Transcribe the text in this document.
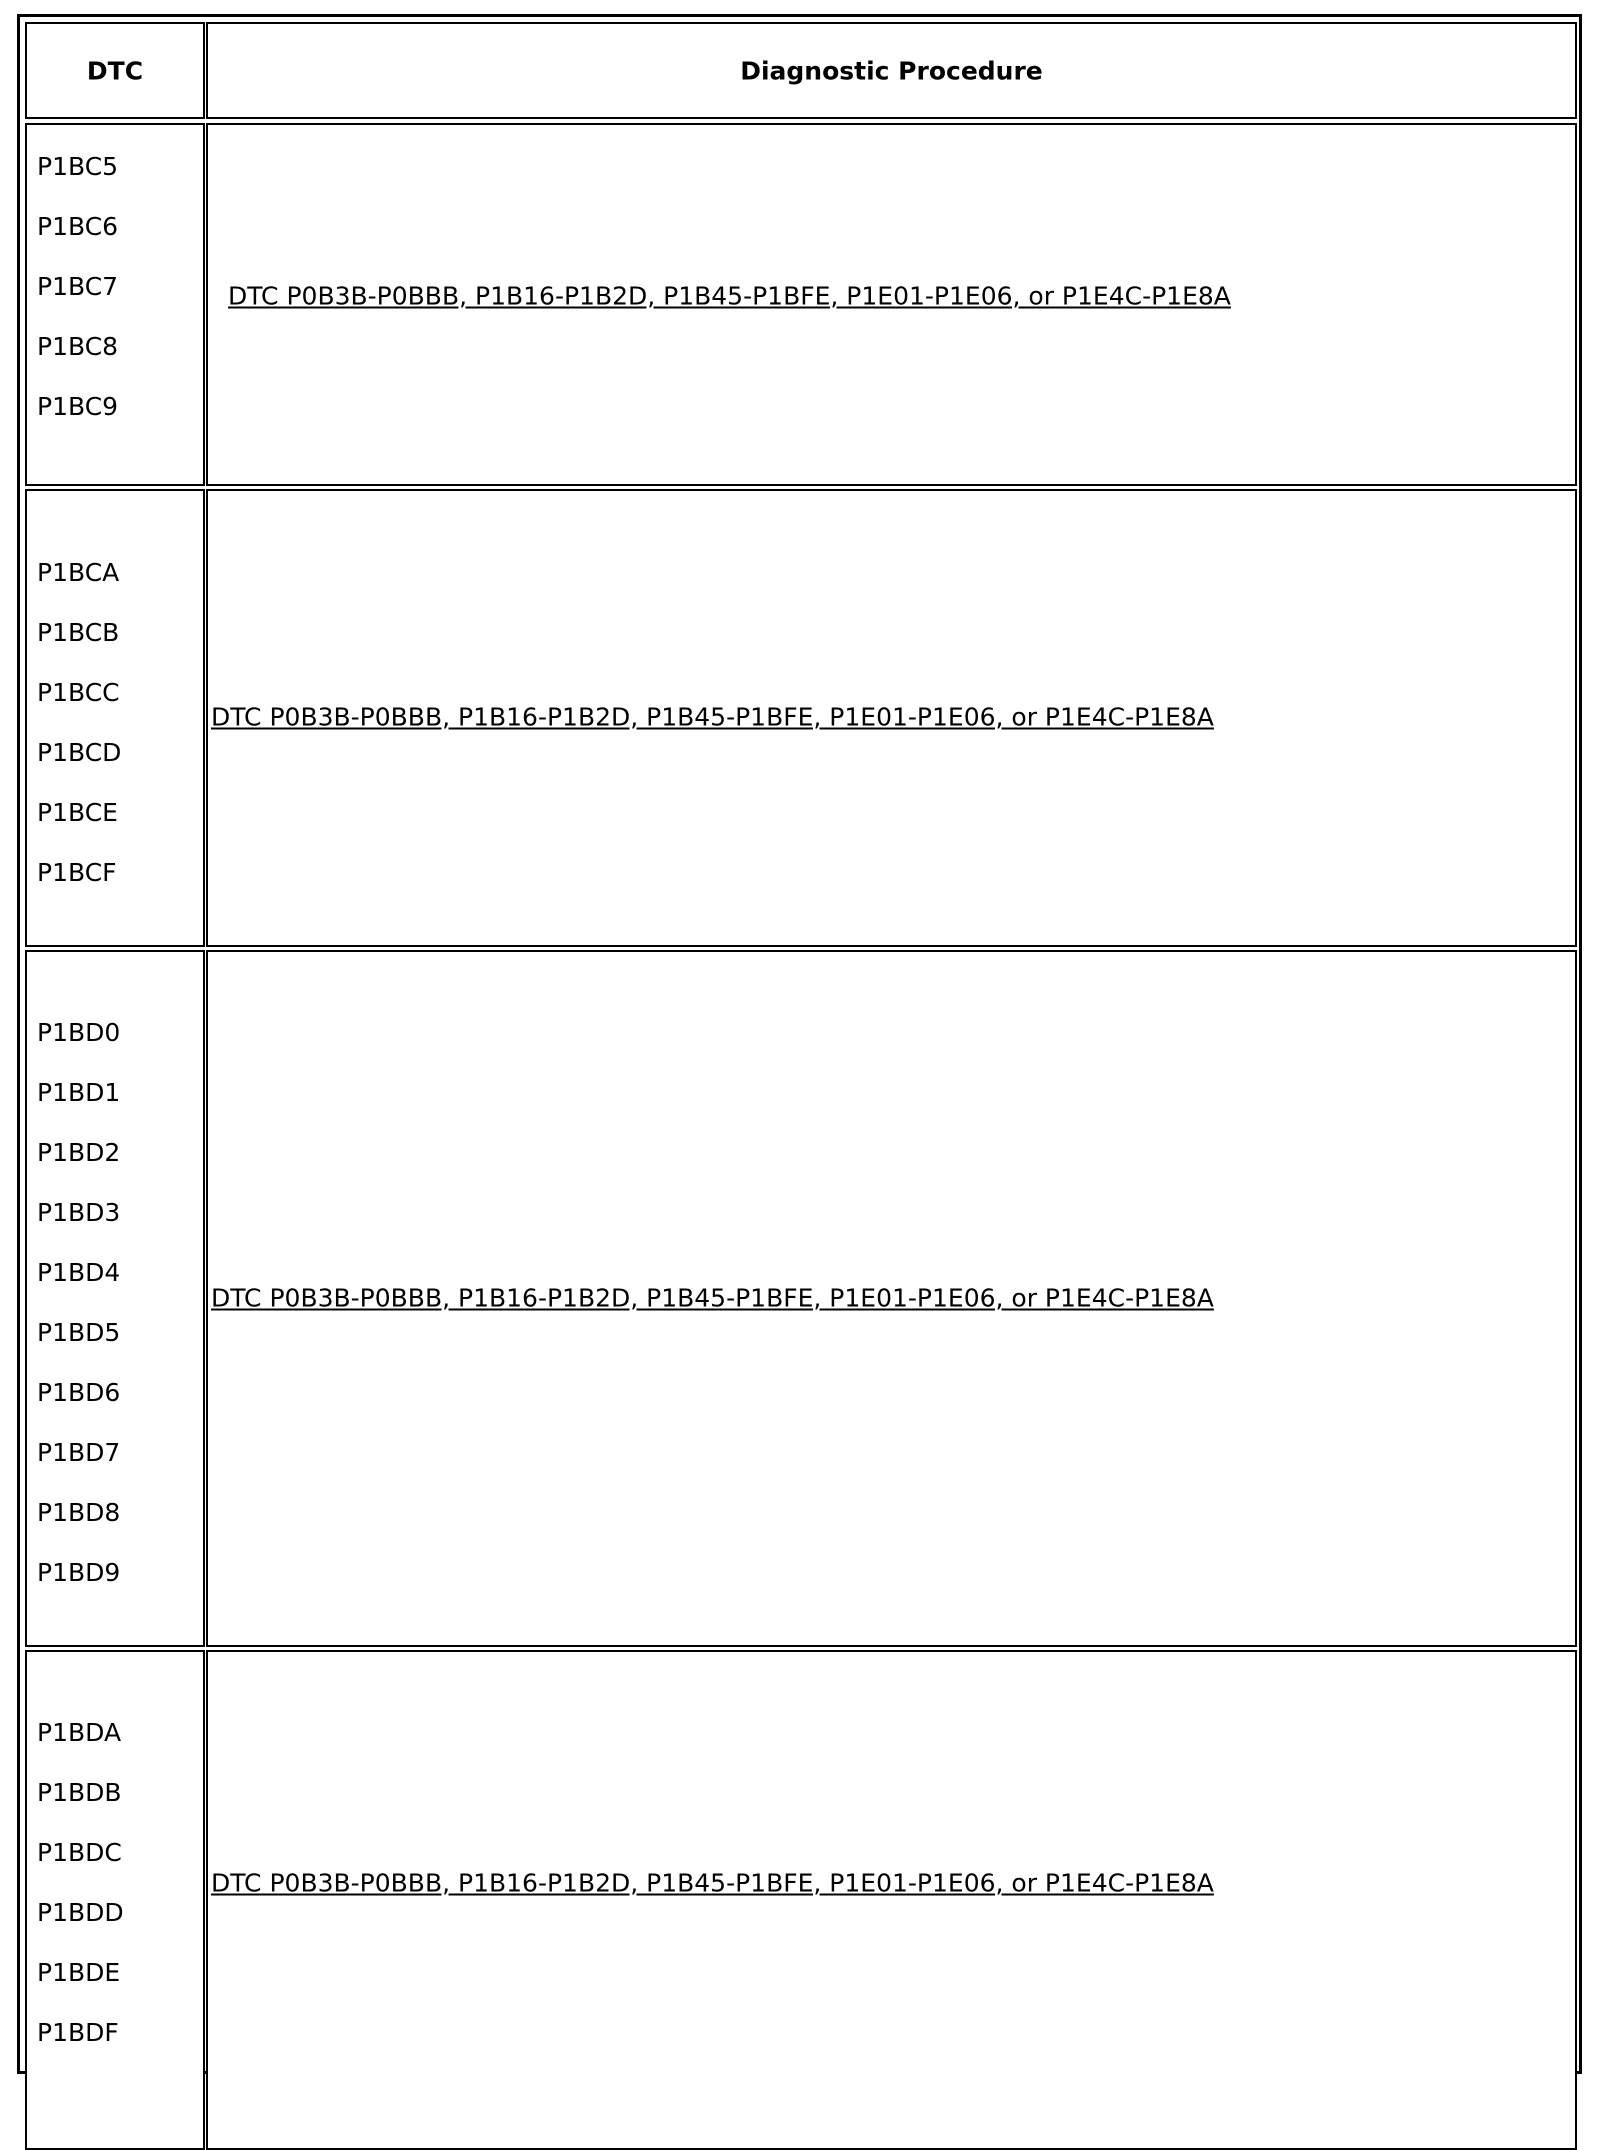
DTC	Diagnostic Procedure
P1BC5
P1BC6
P1BC7
P1BC8
P1BC9
DTC P0B3B-P0BBB, P1B16-P1B2D, P1B45-P1BFE, P1E01-P1E06, or P1E4C-P1E8A
P1BCA
P1BCB
P1BCC
P1BCD
P1BCE
P1BCF
DTC P0B3B-P0BBB, P1B16-P1B2D, P1B45-P1BFE, P1E01-P1E06, or P1E4C-P1E8A
P1BD0
P1BD1
P1BD2
P1BD3
P1BD4
P1BD5
P1BD6
P1BD7
P1BD8
P1BD9
DTC P0B3B-P0BBB, P1B16-P1B2D, P1B45-P1BFE, P1E01-P1E06, or P1E4C-P1E8A
P1BDA
P1BDB
P1BDC
P1BDD
P1BDE
P1BDF
DTC P0B3B-P0BBB, P1B16-P1B2D, P1B45-P1BFE, P1E01-P1E06, or P1E4C-P1E8A
